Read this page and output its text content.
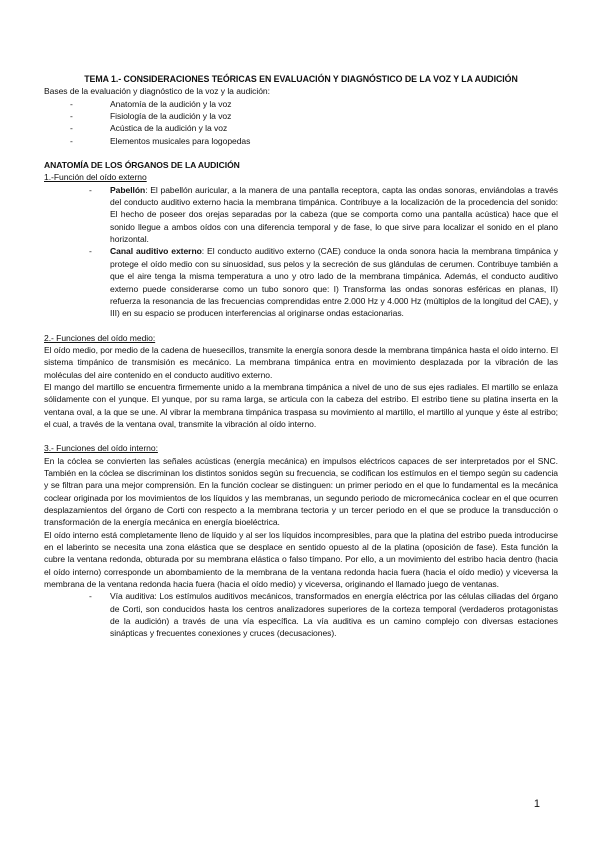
TEMA 1.- CONSIDERACIONES TEÓRICAS EN EVALUACIÓN Y DIAGNÓSTICO DE LA VOZ Y LA AUDICIÓN

Bases de la evaluación y diagnóstico de la voz y la audición:

-	Anatomía de la audición y la voz
-	Fisiología de la audición y la voz
-	Acústica de la audición y la voz
-	Elementos musicales para logopedas

ANATOMÍA DE LOS ÓRGANOS DE LA AUDICIÓN

1.-Función del oído externo

- Pabellón: El pabellón auricular, a la manera de una pantalla receptora, capta las ondas sonoras, enviándolas a través del conducto auditivo externo hacia la membrana timpánica. Contribuye a la localización de la procedencia del sonido: El hecho de poseer dos orejas separadas por la cabeza (que se comporta como una pantalla acústica) hace que el sonido llegue a ambos oídos con una diferencia temporal y de fase, lo que sirve para localizar el sonido en el plano horizontal.
- Canal auditivo externo: El conducto auditivo externo (CAE) conduce la onda sonora hacia la membrana timpánica y protege el oído medio con su sinuosidad, sus pelos y la secreción de sus glándulas de cerumen. Contribuye también a que el aire tenga la misma temperatura a uno y otro lado de la membrana timpánica. Además, el conducto auditivo externo puede considerarse como un tubo sonoro que: I) Transforma las ondas sonoras esféricas en planas, II) refuerza la resonancia de las frecuencias comprendidas entre 2.000 Hz y 4.000 Hz (múltiplos de la longitud del CAE), y III) en su espacio se producen interferencias al originarse ondas estacionarias.

2.- Funciones del oído medio:

El oído medio, por medio de la cadena de huesecillos, transmite la energía sonora desde la membrana timpánica hasta el oído interno. El sistema timpánico de transmisión es mecánico. La membrana timpánica entra en movimiento desplazada por la vibración de las moléculas del aire contenido en el conducto auditivo externo.

El mango del martillo se encuentra firmemente unido a la membrana timpánica a nivel de uno de sus ejes radiales. El martillo se enlaza sólidamente con el yunque. El yunque, por su rama larga, se articula con la cabeza del estribo. El estribo tiene su platina inserta en la ventana oval, a la que se une. Al vibrar la membrana timpánica traspasa su movimiento al martillo, el martillo al yunque y éste al estribo; el cual, a través de la ventana oval, transmite la vibración al oído interno.

3.- Funciones del oído interno:

En la cóclea se convierten las señales acústicas (energía mecánica) en impulsos eléctricos capaces de ser interpretados por el SNC. También en la cóclea se discriminan los distintos sonidos según su frecuencia, se codifican los estímulos en el tiempo según su cadencia y se filtran para una mejor comprensión. En la función coclear se distinguen: un primer periodo en el que lo fundamental es la mecánica coclear originada por los movimientos de los líquidos y las membranas, un segundo periodo de micromecánica coclear en el que ocurren desplazamientos del órgano de Corti con respecto a la membrana tectoria y un tercer periodo en el que se produce la transducción o transformación de la energía mecánica en energía bioeléctrica.

El oído interno está completamente lleno de líquido y al ser los líquidos incompresibles, para que la platina del estribo pueda introducirse en el laberinto se necesita una zona elástica que se desplace en sentido opuesto al de la platina (oposición de fase). Esta función la cubre la ventana redonda, obturada por su membrana elástica o falso tímpano. Por ello, a un movimiento del estribo hacia dentro (hacia el oído interno) corresponde un abombamiento de la membrana de la ventana redonda hacia fuera (hacia el oído medio) y viceversa la membrana de la ventana redonda hacia fuera (hacia el oído medio) y viceversa, originando el llamado juego de ventanas.

- Vía auditiva: Los estímulos auditivos mecánicos, transformados en energía eléctrica por las células ciliadas del órgano de Corti, son conducidos hasta los centros analizadores superiores de la corteza temporal (verdaderos protagonistas de la audición) a través de una vía específica. La vía auditiva es un camino complejo con diversas estaciones sinápticas y frecuentes conexiones y cruces (decusaciones).
1
